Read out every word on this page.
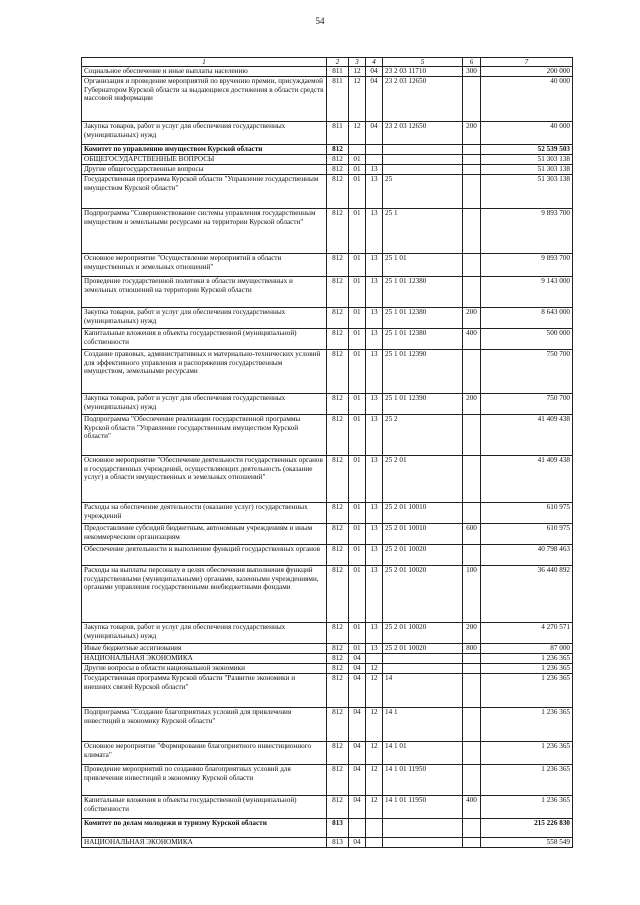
54
1	2	3	4	5	6	7
Социальное обеспечение и иные выплаты населению	811	12	04	23 2 03 11710	300	200 000
Организация и проведение мероприятий по вручению премии, присуждаемой Губернатором Курской области за выдающиеся достижения в области средств массовой информации	811	12	04	23 2 03 12650		40 000
Закупка товаров, работ и услуг для обеспечения государственных (муниципальных) нужд	811	12	04	23 2 03 12650	200	40 000
Комитет по управлению имуществом Курской области	812					52 539 503
ОБЩЕГОСУДАРСТВЕННЫЕ ВОПРОСЫ	812	01				51 303 138
Другие общегосударственные вопросы	812	01	13			51 303 138
Государственная программа Курской области "Управление государственным имуществом Курской области"	812	01	13	25		51 303 138
Подпрограмма "Совершенствование системы управления государственным имуществом и земельными ресурсами на территории Курской области"	812	01	13	25 1		9 893 700
Основное мероприятие "Осуществление мероприятий в области имущественных и земельных отношений"	812	01	13	25 1 01		9 893 700
Проведение государственной политики в области имущественных и земельных отношений на территории Курской области	812	01	13	25 1 01 12380		9 143 000
Закупка товаров, работ и услуг для обеспечения государственных (муниципальных) нужд	812	01	13	25 1 01 12380	200	8 643 000
Капитальные вложения в объекты государственной (муниципальной) собственности	812	01	13	25 1 01 12380	400	500 000
Создание правовых, административных и материально-технических условий для эффективного управления и распоряжения государственным имуществом, земельными ресурсами	812	01	13	25 1 01 12390		750 700
Закупка товаров, работ и услуг для обеспечения государственных (муниципальных) нужд	812	01	13	25 1 01 12390	200	750 700
Подпрограмма "Обеспечение реализации государственной программы Курской области "Управление государственным имуществом Курской области"	812	01	13	25 2		41 409 438
Основное мероприятие "Обеспечение деятельности государственных органов и государственных учреждений, осуществляющих деятельность (оказание услуг) в области имущественных и земельных отношений"	812	01	13	25 2 01		41 409 438
Расходы на обеспечение деятельности (оказание услуг) государственных учреждений	812	01	13	25 2 01 10010		610 975
Предоставление субсидий бюджетным, автономным учреждениям и иным некоммерческим организациям	812	01	13	25 2 01 10010	600	610 975
Обеспечение деятельности и выполнение функций государственных органов	812	01	13	25 2 01 10020		40 798 463
Расходы на выплаты персоналу в целях обеспечения выполнения функций государственными (муниципальными) органами, казенными учреждениями, органами управления государственными внебюджетными фондами	812	01	13	25 2 01 10020	100	36 440 892
Закупка товаров, работ и услуг для обеспечения государственных (муниципальных) нужд	812	01	13	25 2 01 10020	200	4 270 571
Иные бюджетные ассигнования	812	01	13	25 2 01 10020	800	87 000
НАЦИОНАЛЬНАЯ ЭКОНОМИКА	812	04				1 236 365
Другие вопросы в области национальной экономики	812	04	12			1 236 365
Государственная программа Курской области "Развитие экономики и внешних связей Курской области"	812	04	12	14		1 236 365
Подпрограмма "Создание благоприятных условий для привлечения инвестиций в экономику Курской области"	812	04	12	14 1		1 236 365
Основное мероприятие "Формирование благоприятного инвестиционного климата"	812	04	12	14 1 01		1 236 365
Проведение мероприятий по созданию благоприятных условий для привлечения инвестиций в экономику Курской области	812	04	12	14 1 01 11950		1 236 365
Капитальные вложения в объекты государственной (муниципальной) собственности	812	04	12	14 1 01 11950	400	1 236 365
Комитет по делам молодежи и туризму Курской области	813					215 226 830
НАЦИОНАЛЬНАЯ ЭКОНОМИКА	813	04				558 549
